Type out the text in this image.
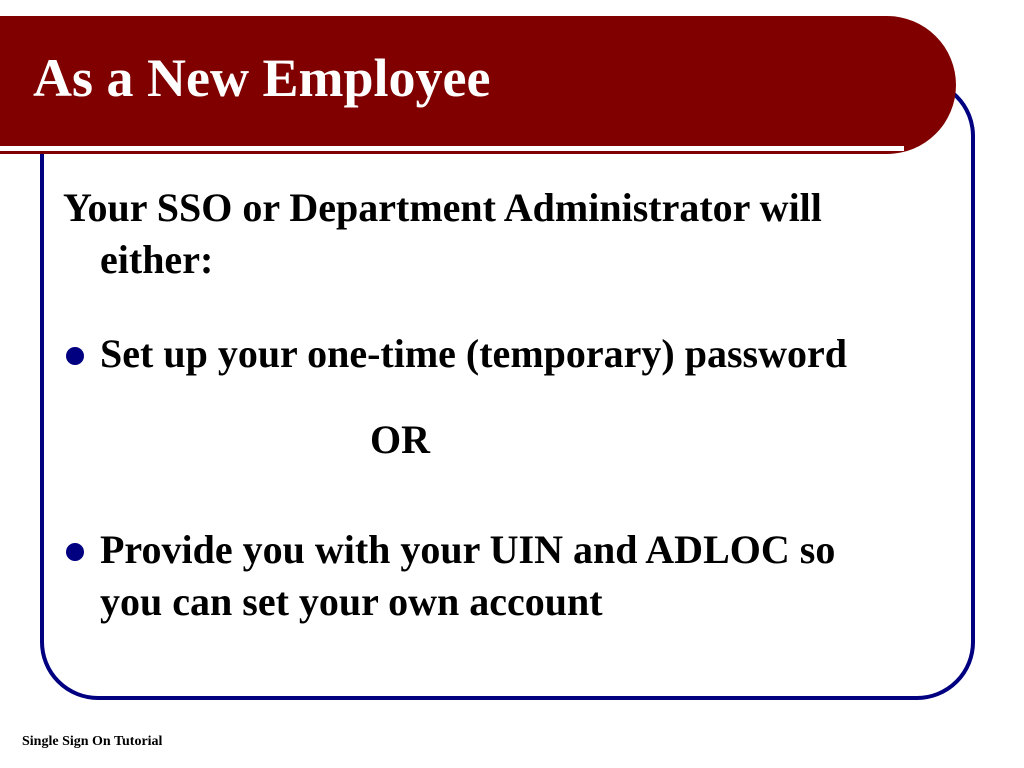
As a New Employee

Your SSO or Department Administrator will
either:

Set up your one-time (temporary) password

OR

Provide you with your UIN and ADLOC so
you can set your own account

Single Sign On Tutorial
